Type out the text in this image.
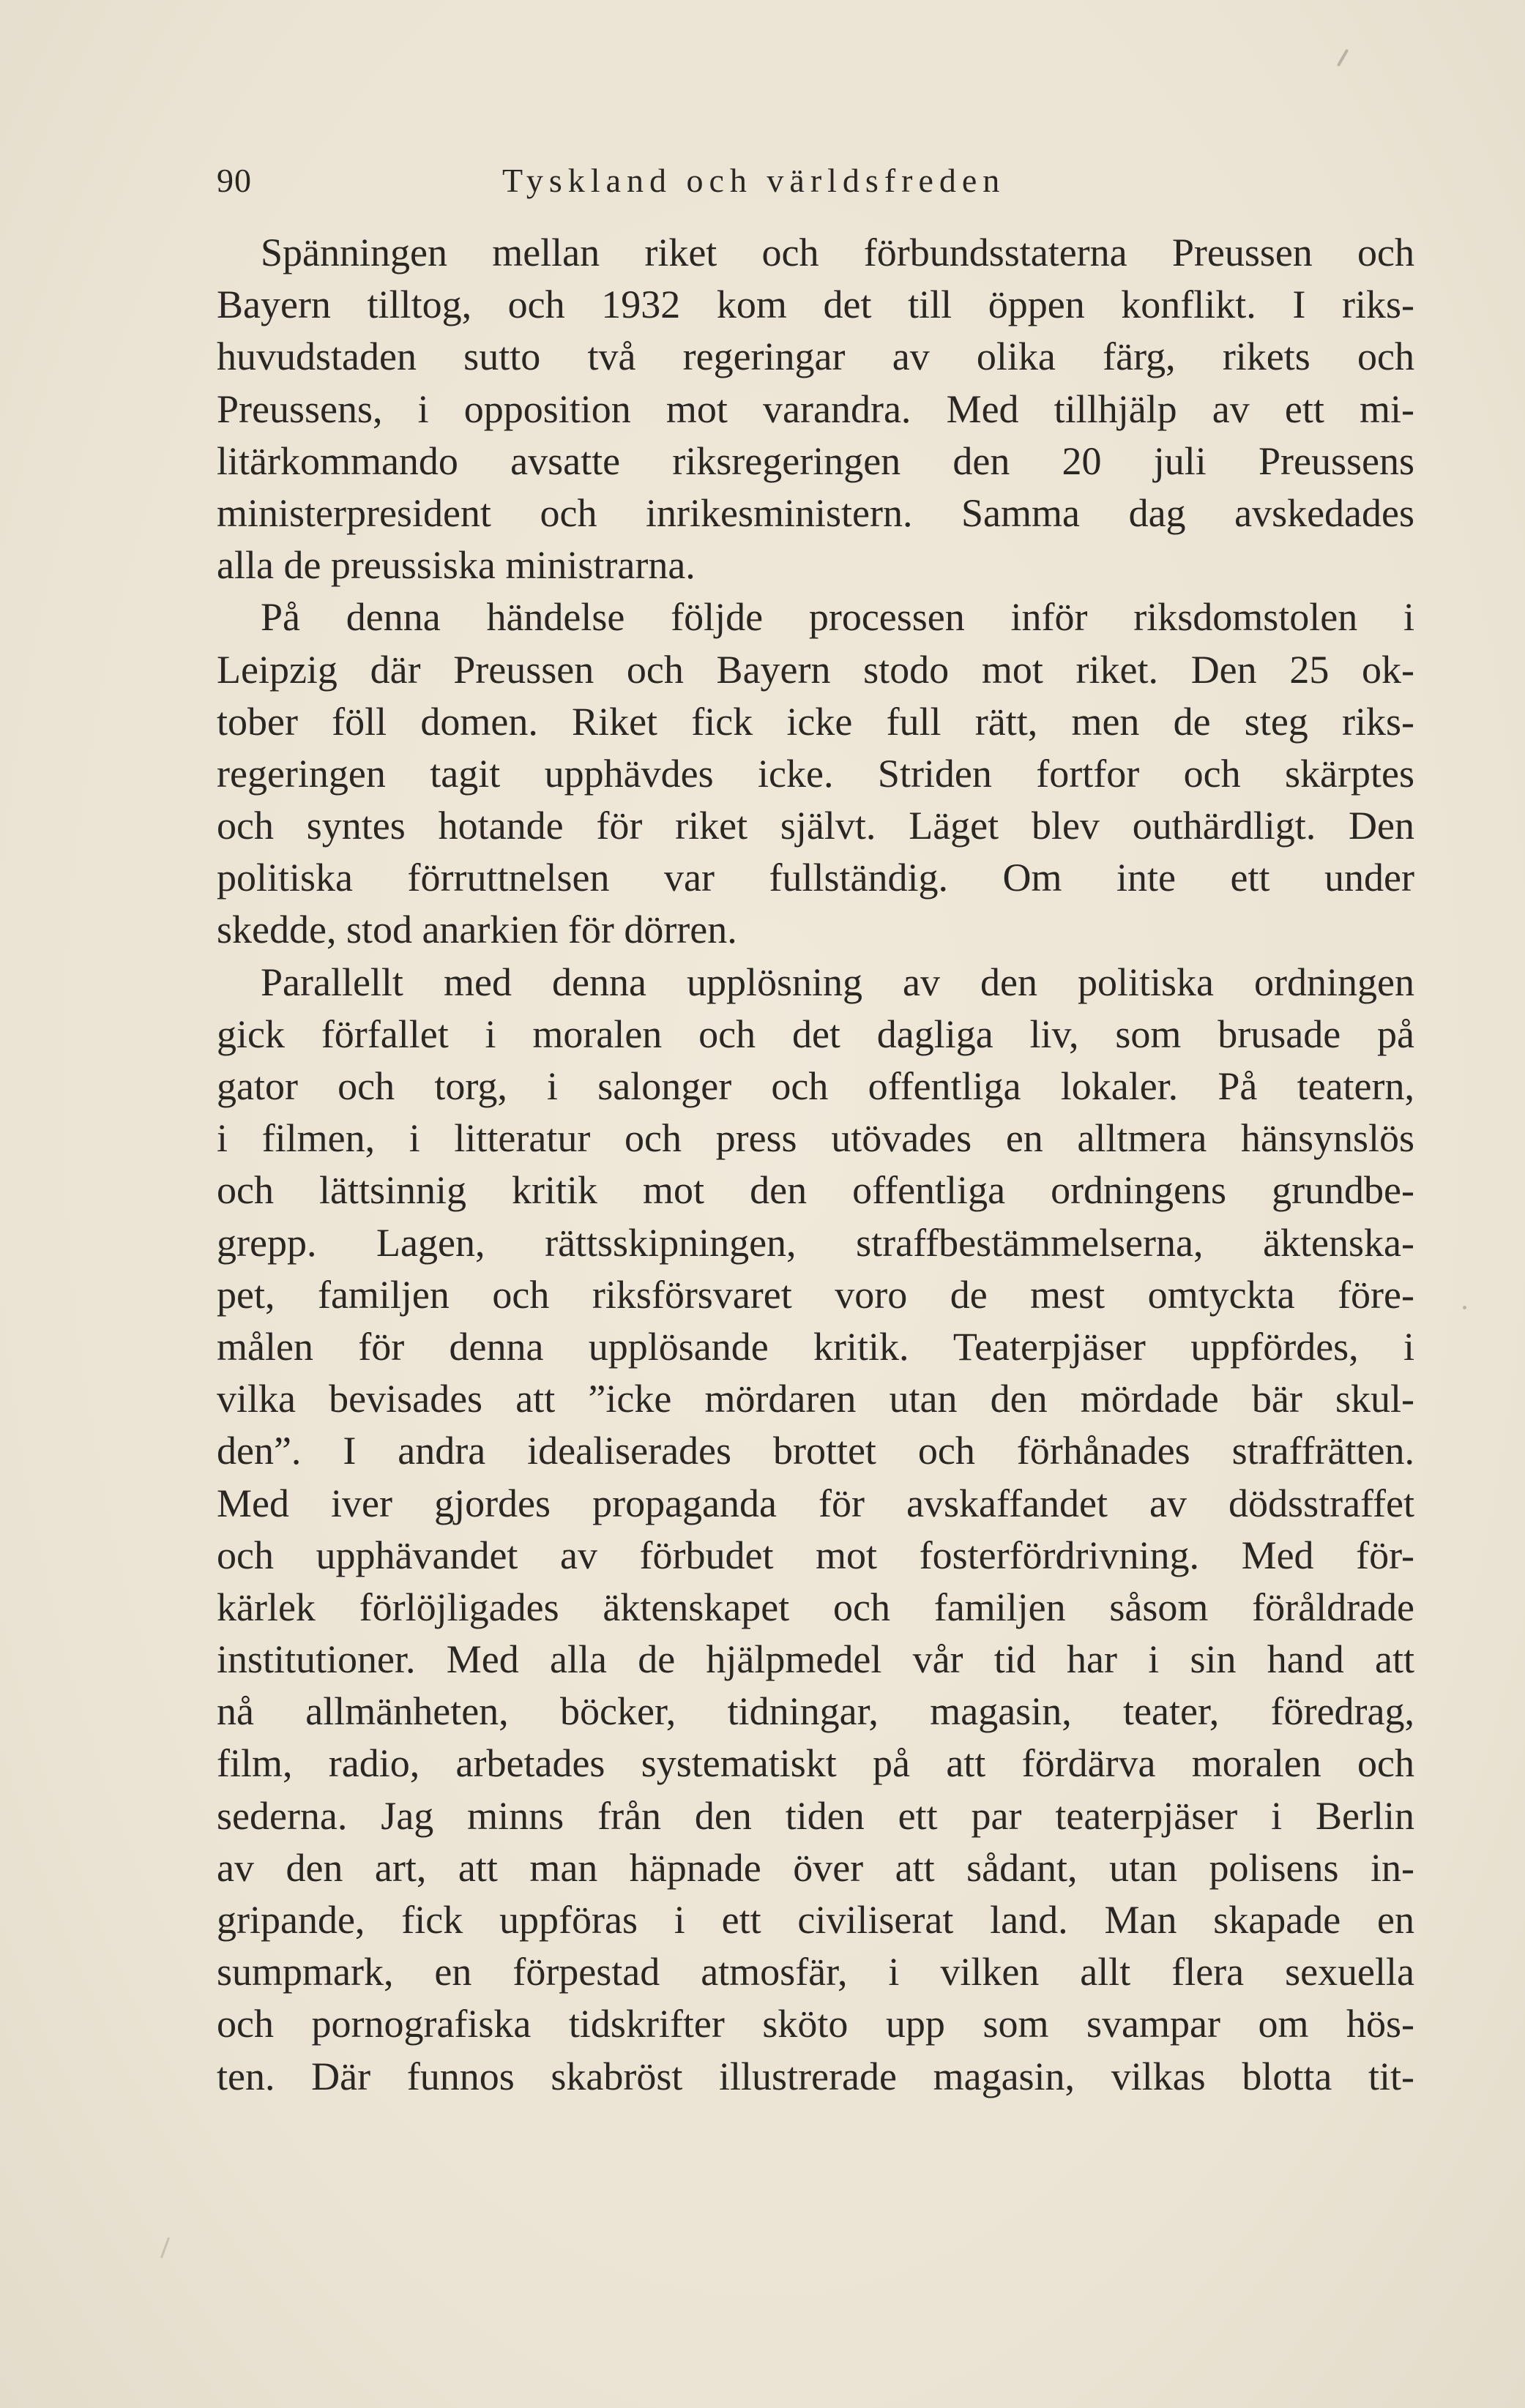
90	Tyskland och världsfreden
Spänningen mellan riket och förbundsstaterna Preussen och
Bayern tilltog, och 1932 kom det till öppen konflikt. I riks-
huvudstaden sutto två regeringar av olika färg, rikets och
Preussens, i opposition mot varandra. Med tillhjälp av ett mi-
litärkommando avsatte riksregeringen den 20 juli Preussens
ministerpresident och inrikesministern. Samma dag avskedades
alla de preussiska ministrarna.
På denna händelse följde processen inför riksdomstolen i
Leipzig där Preussen och Bayern stodo mot riket. Den 25 ok-
tober föll domen. Riket fick icke full rätt, men de steg riks-
regeringen tagit upphävdes icke. Striden fortfor och skärptes
och syntes hotande för riket självt. Läget blev outhärdligt. Den
politiska förruttnelsen var fullständig. Om inte ett under
skedde, stod anarkien för dörren.
Parallellt med denna upplösning av den politiska ordningen
gick förfallet i moralen och det dagliga liv, som brusade på
gator och torg, i salonger och offentliga lokaler. På teatern,
i filmen, i litteratur och press utövades en alltmera hänsynslös
och lättsinnig kritik mot den offentliga ordningens grundbe-
grepp. Lagen, rättsskipningen, straffbestämmelserna, äktenska-
pet, familjen och riksförsvaret voro de mest omtyckta före-
målen för denna upplösande kritik. Teaterpjäser uppfördes, i
vilka bevisades att ”icke mördaren utan den mördade bär skul-
den”. I andra idealiserades brottet och förhånades straffrätten.
Med iver gjordes propaganda för avskaffandet av dödsstraffet
och upphävandet av förbudet mot fosterfördrivning. Med för-
kärlek förlöjligades äktenskapet och familjen såsom föråldrade
institutioner. Med alla de hjälpmedel vår tid har i sin hand att
nå allmänheten, böcker, tidningar, magasin, teater, föredrag,
film, radio, arbetades systematiskt på att fördärva moralen och
sederna. Jag minns från den tiden ett par teaterpjäser i Berlin
av den art, att man häpnade över att sådant, utan polisens in-
gripande, fick uppföras i ett civiliserat land. Man skapade en
sumpmark, en förpestad atmosfär, i vilken allt flera sexuella
och pornografiska tidskrifter sköto upp som svampar om hös-
ten. Där funnos skabröst illustrerade magasin, vilkas blotta tit-
